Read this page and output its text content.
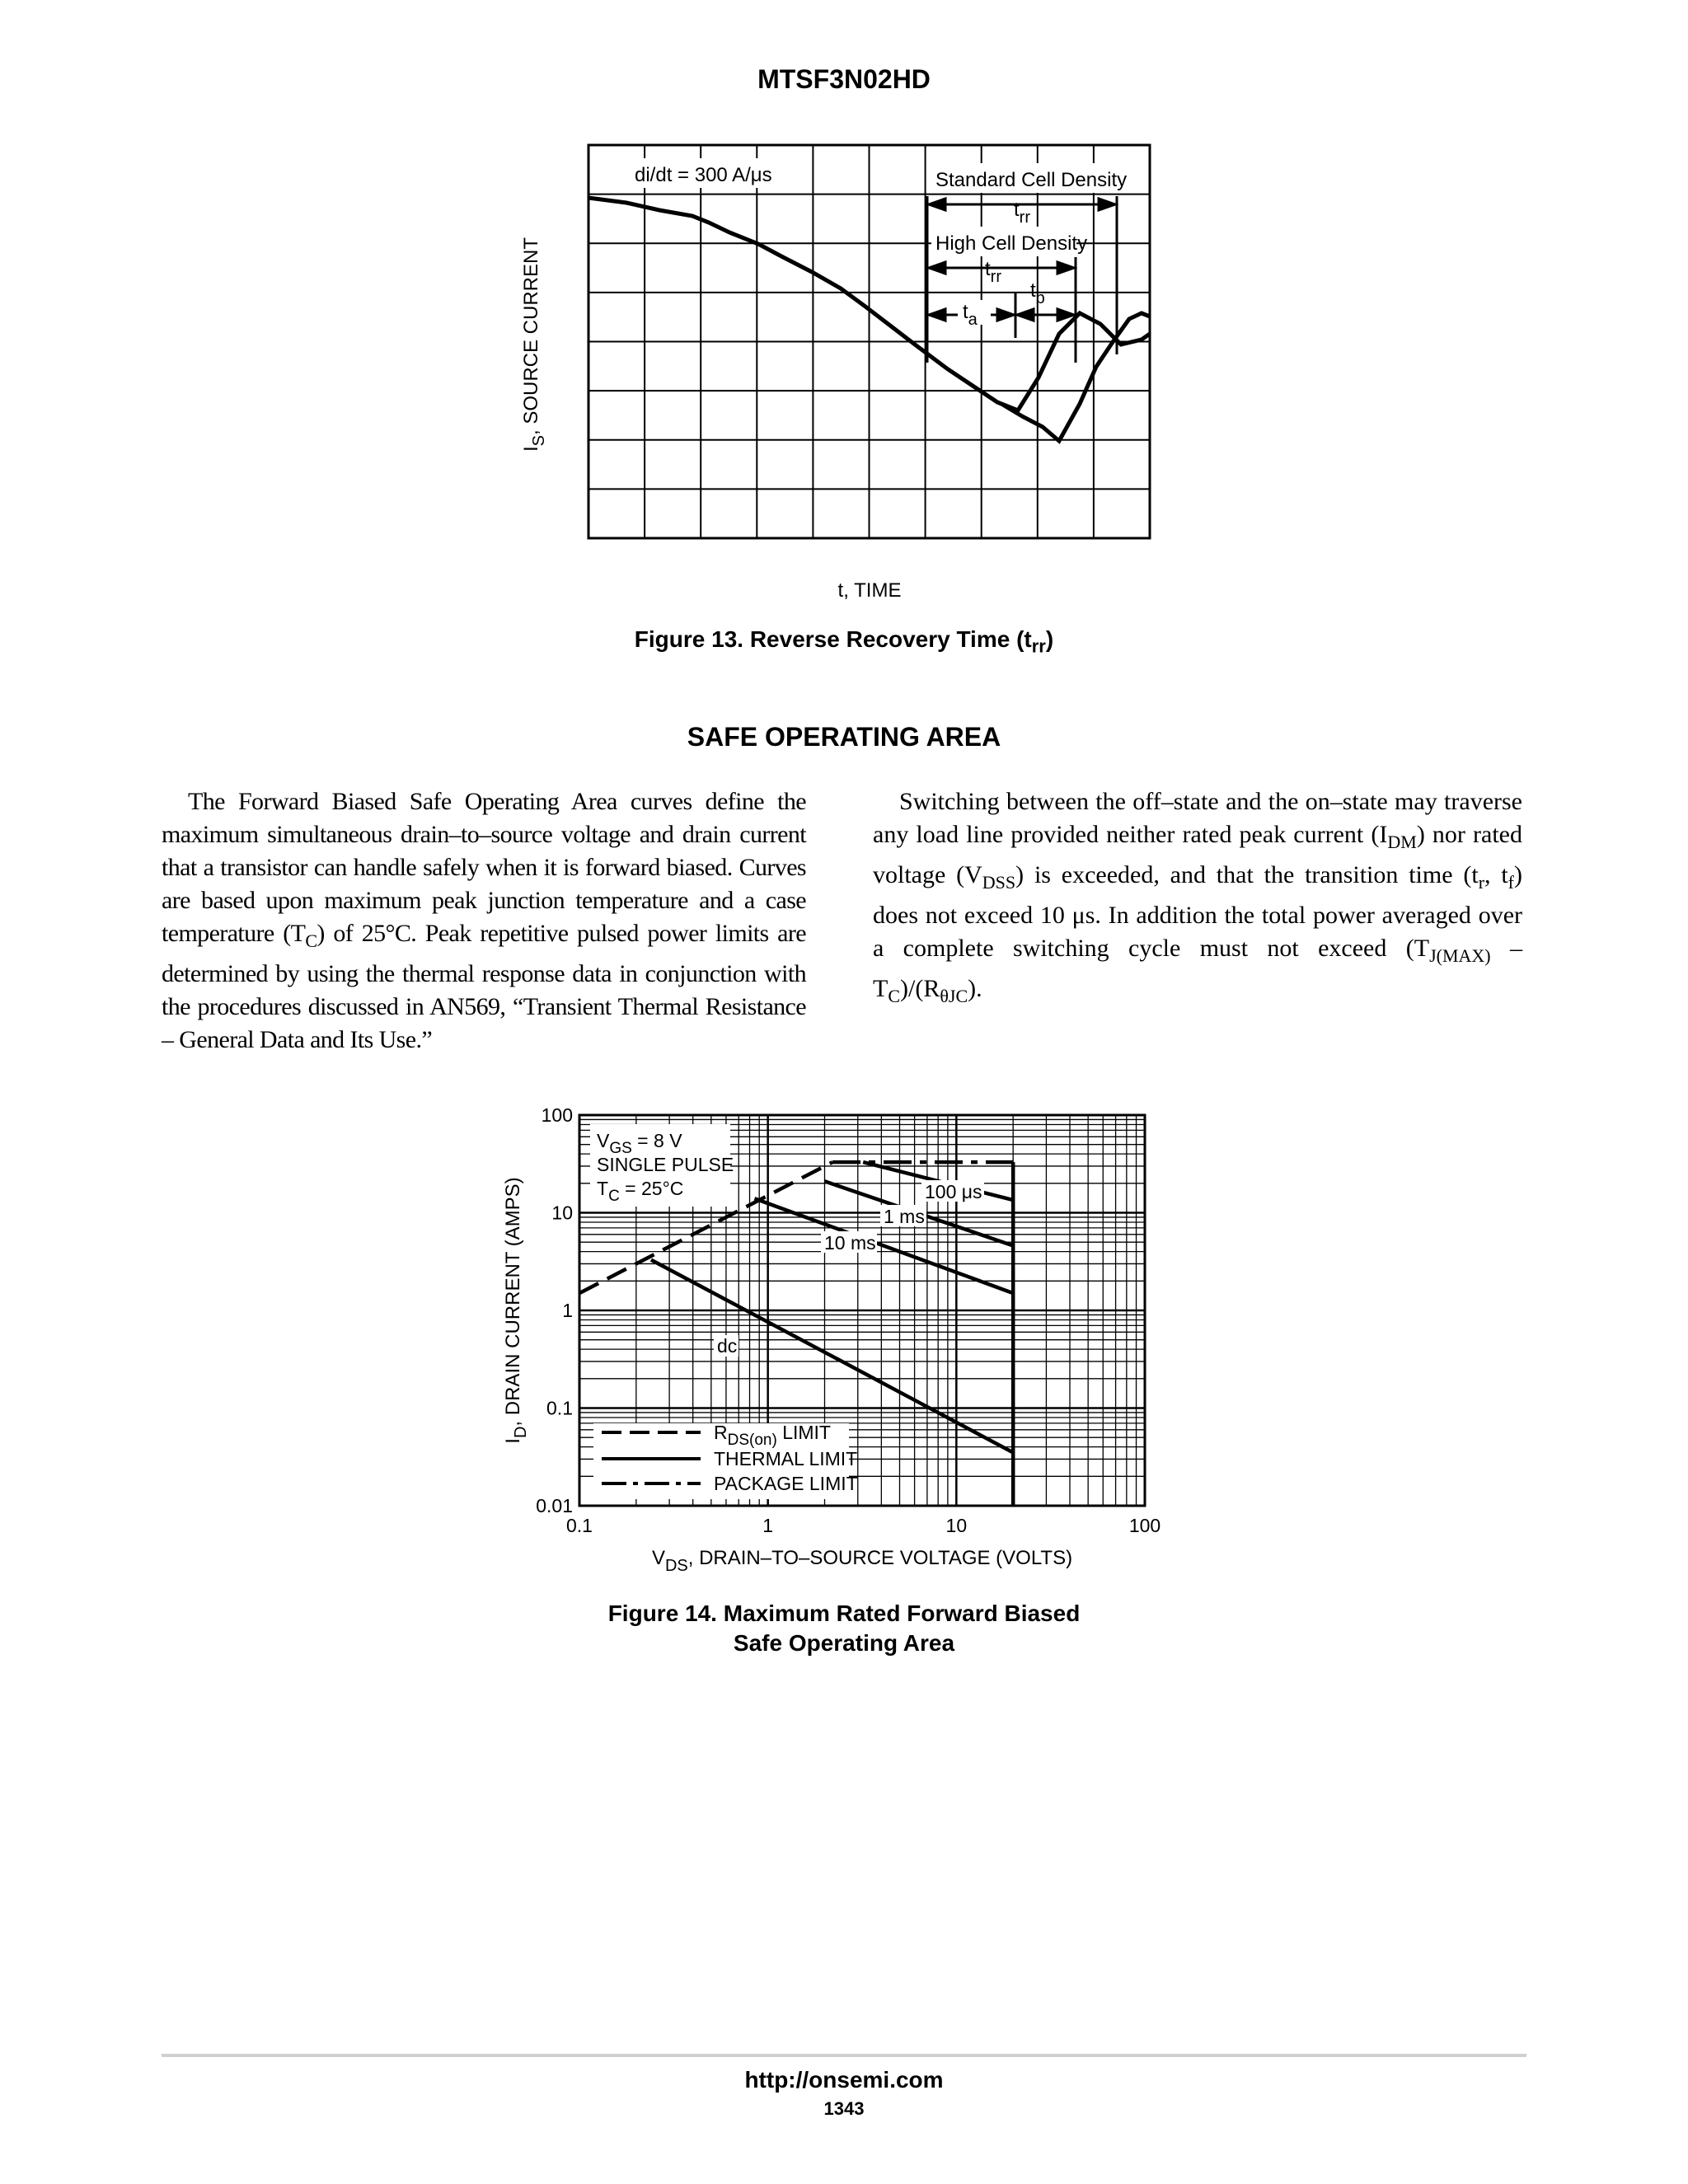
MTSF3N02HD
di/dt = 300 A/μs	Standard Cell Density
$t_{rr}$
High Cell Density
$t_{rr}$
$t_b$
$t_a$
$I_S$, SOURCE CURRENT
t, TIME
Figure 13. Reverse Recovery Time $(t_{rr})$
SAFE OPERATING AREA

The Forward Biased Safe Operating Area curves define the maximum simultaneous drain–to–source voltage and drain current that a transistor can handle safely when it is forward biased. Curves are based upon maximum peak junction temperature and a case temperature $(T_C)$ of 25°C. Peak repetitive pulsed power limits are determined by using the thermal response data in conjunction with the procedures discussed in AN569, “Transient Thermal Resistance – General Data and Its Use.”

Switching between the off–state and the on–state may traverse any load line provided neither rated peak current $(I_{DM})$ nor rated voltage $(V_{DSS})$ is exceeded, and that the transition time ($t_r$, $t_f$) does not exceed 10 μs. In addition the total power averaged over a complete switching cycle must not exceed $(T_{J(MAX)} - T_C)/(R_{\theta JC})$.

0.1	1	10	100
0.01
0.1
1
10
100
$V_{GS} = 8$ V
SINGLE PULSE
$T_C = 25^\circ C$
$R_{DS(on)}$ LIMIT
THERMAL LIMIT
PACKAGE LIMIT
100 μs
1 ms
10 ms
dc
$I_D$, DRAIN CURRENT (AMPS)
$V_{DS}$, DRAIN–TO–SOURCE VOLTAGE (VOLTS)
Figure 14. Maximum Rated Forward Biased
Safe Operating Area
http://onsemi.com
1343
